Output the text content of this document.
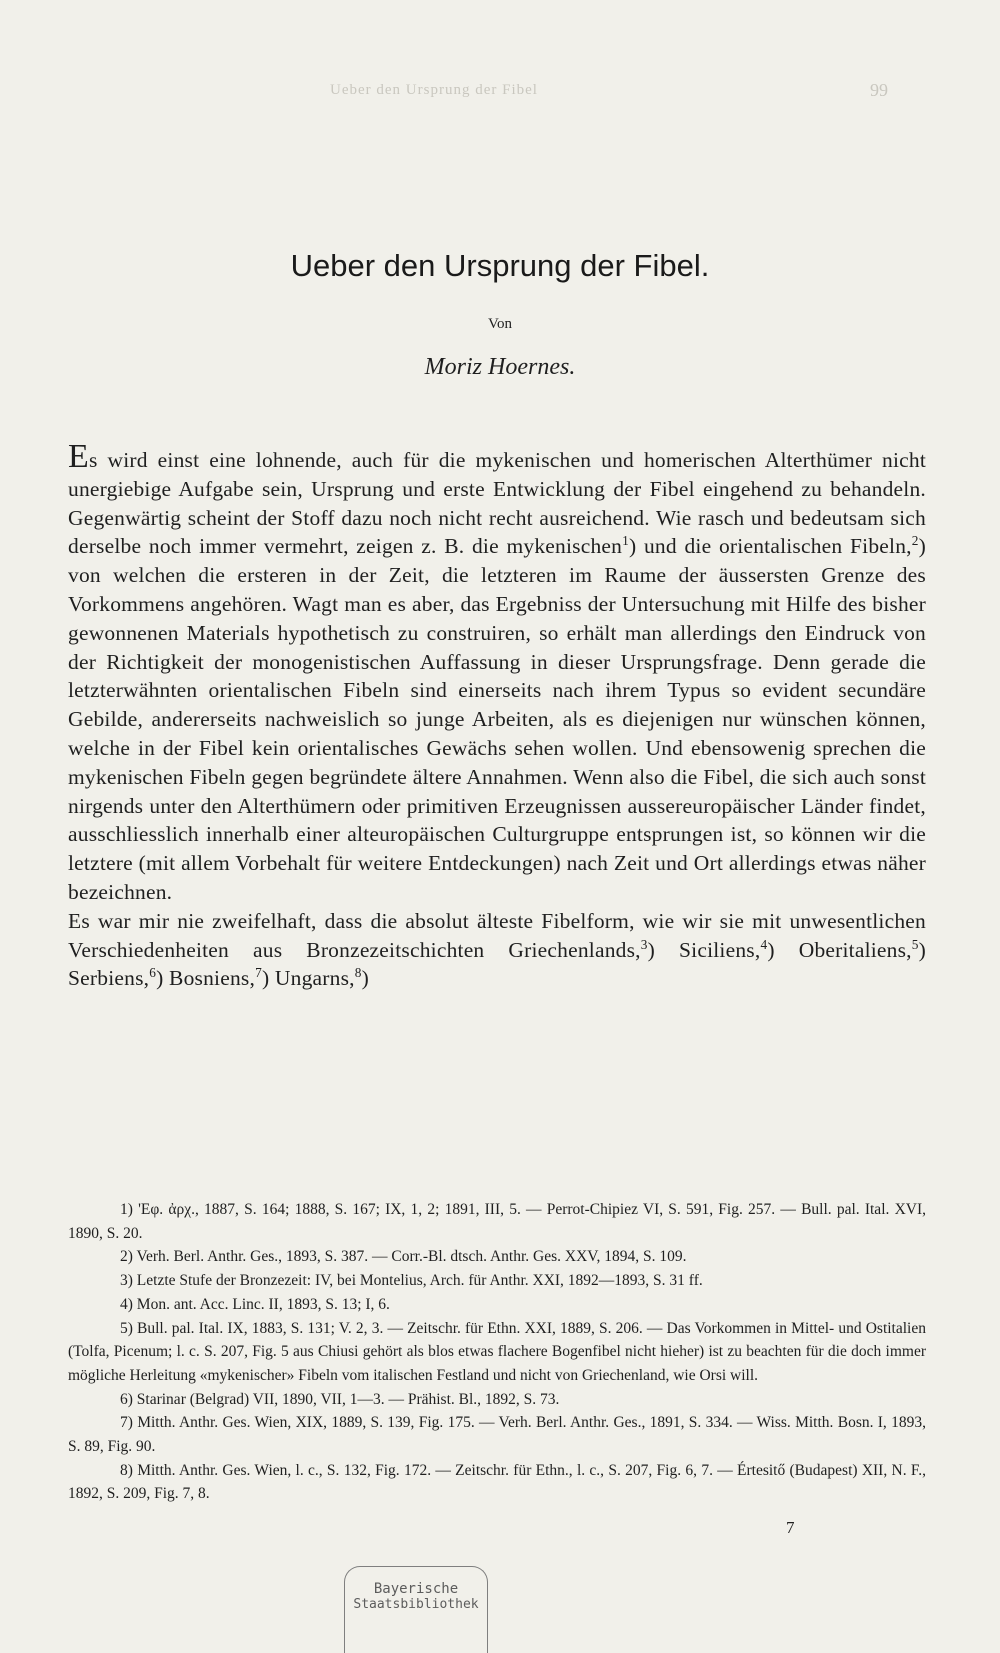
Ueber den Ursprung der Fibel	99
Ueber den Ursprung der Fibel.
Von
Moriz Hoernes.

Es wird einst eine lohnende, auch für die mykenischen und homerischen Alterthümer nicht unergiebige Aufgabe sein, Ursprung und erste Entwicklung der Fibel eingehend zu behandeln. Gegenwärtig scheint der Stoff dazu noch nicht recht ausreichend. Wie rasch und bedeutsam sich derselbe noch immer vermehrt, zeigen z. B. die mykenischen$^1$) und die orientalischen Fibeln,$^2$) von welchen die ersteren in der Zeit, die letzteren im Raume der äussersten Grenze des Vorkommens angehören. Wagt man es aber, das Ergebniss der Untersuchung mit Hilfe des bisher gewonnenen Materials hypothetisch zu construiren, so erhält man allerdings den Eindruck von der Richtigkeit der monogenistischen Auffassung in dieser Ursprungsfrage. Denn gerade die letzterwähnten orientalischen Fibeln sind einerseits nach ihrem Typus so evident secundäre Gebilde, andererseits nachweislich so junge Arbeiten, als es diejenigen nur wünschen können, welche in der Fibel kein orientalisches Gewächs sehen wollen. Und ebensowenig sprechen die mykenischen Fibeln gegen begründete ältere Annahmen. Wenn also die Fibel, die sich auch sonst nirgends unter den Alterthümern oder primitiven Erzeugnissen aussereuropäischer Länder findet, ausschliesslich innerhalb einer alteuropäischen Culturgruppe entsprungen ist, so können wir die letztere (mit allem Vorbehalt für weitere Entdeckungen) nach Zeit und Ort allerdings etwas näher bezeichnen.

Es war mir nie zweifelhaft, dass die absolut älteste Fibelform, wie wir sie mit unwesentlichen Verschiedenheiten aus Bronzezeitschichten Griechenlands,$^3$) Siciliens,$^4$) Oberitaliens,$^5$) Serbiens,$^6$) Bosniens,$^7$) Ungarns,$^8$)

1) 'Εφ. ἀρχ., 1887, S. 164; 1888, S. 167; IX, 1, 2; 1891, III, 5. — Perrot-Chipiez VI, S. 591, Fig. 257. — Bull. pal. Ital. XVI, 1890, S. 20.

2) Verh. Berl. Anthr. Ges., 1893, S. 387. — Corr.-Bl. dtsch. Anthr. Ges. XXV, 1894, S. 109.

3) Letzte Stufe der Bronzezeit: IV, bei Montelius, Arch. für Anthr. XXI, 1892—1893, S. 31 ff.

4) Mon. ant. Acc. Linc. II, 1893, S. 13; I, 6.

5) Bull. pal. Ital. IX, 1883, S. 131; V. 2, 3. — Zeitschr. für Ethn. XXI, 1889, S. 206. — Das Vorkommen in Mittel- und Ostitalien (Tolfa, Picenum; l. c. S. 207, Fig. 5 aus Chiusi gehört als blos etwas flachere Bogenfibel nicht hieher) ist zu beachten für die doch immer mögliche Herleitung «mykenischer» Fibeln vom italischen Festland und nicht von Griechenland, wie Orsi will.

6) Starinar (Belgrad) VII, 1890, VII, 1—3. — Prähist. Bl., 1892, S. 73.

7) Mitth. Anthr. Ges. Wien, XIX, 1889, S. 139, Fig. 175. — Verh. Berl. Anthr. Ges., 1891, S. 334. — Wiss. Mitth. Bosn. I, 1893, S. 89, Fig. 90.

8) Mitth. Anthr. Ges. Wien, l. c., S. 132, Fig. 172. — Zeitschr. für Ethn., l. c., S. 207, Fig. 6, 7. — Értesitő (Budapest) XII, N. F., 1892, S. 209, Fig. 7, 8.

7
Bayerische
Staatsbibliothek
